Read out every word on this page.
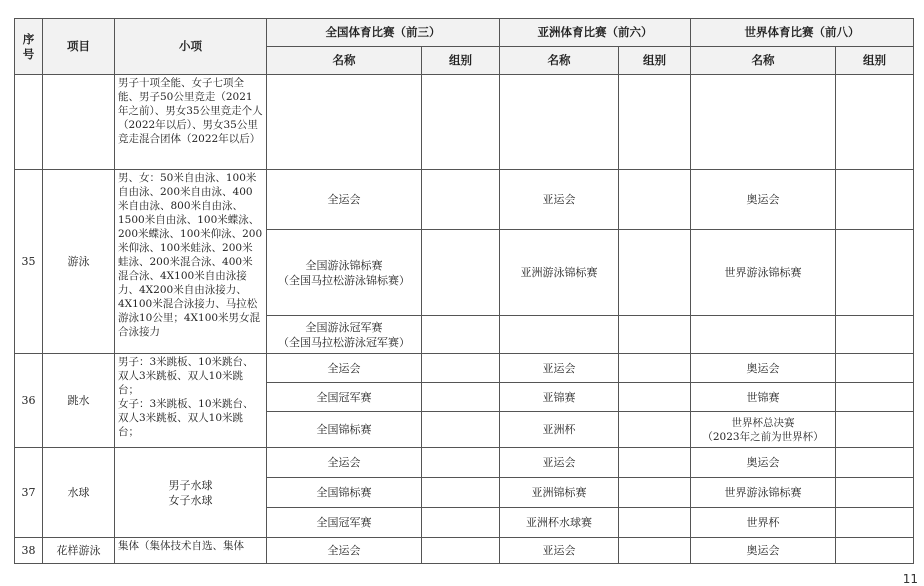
序号	项目	小项	全国体育比赛（前三）		亚洲体育比赛（前六）		世界体育比赛（前八）	
			名称	组别	名称	组别	名称	组别
		男子十项全能、女子七项全能、男子50公里竞走（2021年之前）、男女35公里竞走个人（2022年以后）、男女35公里竞走混合团体（2022年以后）						
35	游泳	男、女：50米自由泳、100米自由泳、200米自由泳、400米自由泳、800米自由泳、1500米自由泳、100米蝶泳、200米蝶泳、100米仰泳、200米仰泳、100米蛙泳、200米蛙泳、200米混合泳、400米混合泳、4X100米自由泳接力、4X200米自由泳接力、4X100米混合泳接力、马拉松游泳10公里；4X100米男女混合泳接力	全运会		亚运会		奥运会	
			全国游泳锦标赛
（全国马拉松游泳锦标赛）		亚洲游泳锦标赛		世界游泳锦标赛	
			全国游泳冠军赛
（全国马拉松游泳冠军赛）					
36	跳水	男子：3米跳板、10米跳台、双人3米跳板、双人10米跳台；
女子：3米跳板、10米跳台、双人3米跳板、双人10米跳台；	全运会		亚运会		奥运会	
			全国冠军赛		亚锦赛		世锦赛	
			全国锦标赛		亚洲杯		世界杯总决赛
（2023年之前为世界杯）	
37	水球	男子水球
女子水球	全运会		亚运会		奥运会	
			全国锦标赛		亚洲锦标赛		世界游泳锦标赛	
			全国冠军赛		亚洲杯水球赛		世界杯	
38	花样游泳	集体（集体技术自选、集体	全运会		亚运会		奥运会	
11
